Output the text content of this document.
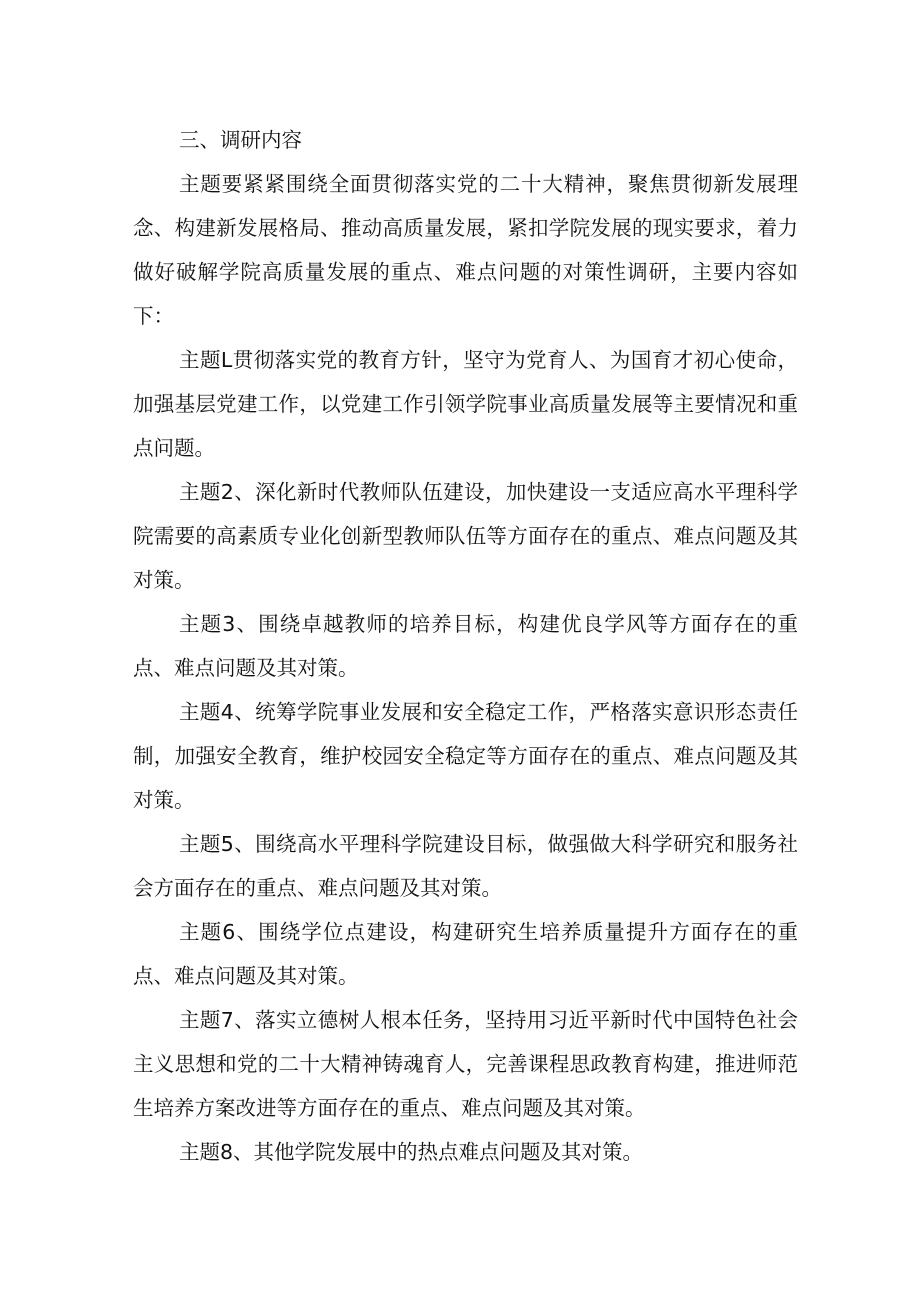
三、调研内容

主题要紧紧围绕全面贯彻落实党的二十大精神，聚焦贯彻新发展理念、构建新发展格局、推动高质量发展，紧扣学院发展的现实要求，着力做好破解学院高质量发展的重点、难点问题的对策性调研，主要内容如下：

主题L贯彻落实党的教育方针，坚守为党育人、为国育才初心使命，加强基层党建工作，以党建工作引领学院事业高质量发展等主要情况和重点问题。

主题2、深化新时代教师队伍建设，加快建设一支适应高水平理科学院需要的高素质专业化创新型教师队伍等方面存在的重点、难点问题及其对策。

主题3、围绕卓越教师的培养目标，构建优良学风等方面存在的重点、难点问题及其对策。

主题4、统筹学院事业发展和安全稳定工作，严格落实意识形态责任制，加强安全教育，维护校园安全稳定等方面存在的重点、难点问题及其对策。

主题5、围绕高水平理科学院建设目标，做强做大科学研究和服务社会方面存在的重点、难点问题及其对策。

主题6、围绕学位点建设，构建研究生培养质量提升方面存在的重点、难点问题及其对策。

主题7、落实立德树人根本任务，坚持用习近平新时代中国特色社会主义思想和党的二十大精神铸魂育人，完善课程思政教育构建，推进师范生培养方案改进等方面存在的重点、难点问题及其对策。

主题8、其他学院发展中的热点难点问题及其对策。
